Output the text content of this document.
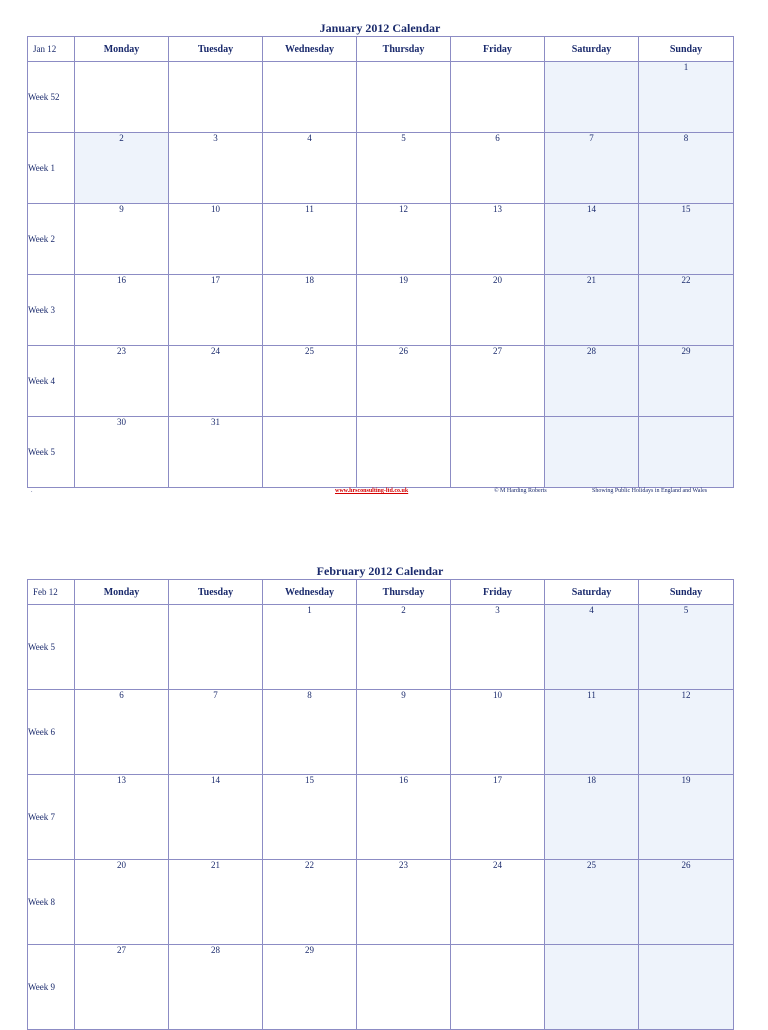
January 2012 Calendar
Jan 12	Monday	Tuesday	Wednesday	Thursday	Friday	Saturday	Sunday
Week 52							1

Week 1	2	3	4	5	6	7	8

Week 2	9	10	11	12	13	14	15

Week 3	16	17	18	19	20	21	22

Week 4	23	24	25	26	27	28	29

Week 5	30	31					

.	www.hrsconsulting-ltd.co.uk	© M Harding Roberts	Showing Public Holidays in England and Wales
February 2012 Calendar
Feb 12	Monday	Tuesday	Wednesday	Thursday	Friday	Saturday	Sunday
Week 5			1	2	3	4	5

Week 6	6	7	8	9	10	11	12

Week 7	13	14	15	16	17	18	19

Week 8	20	21	22	23	24	25	26

Week 9	27	28	29				
